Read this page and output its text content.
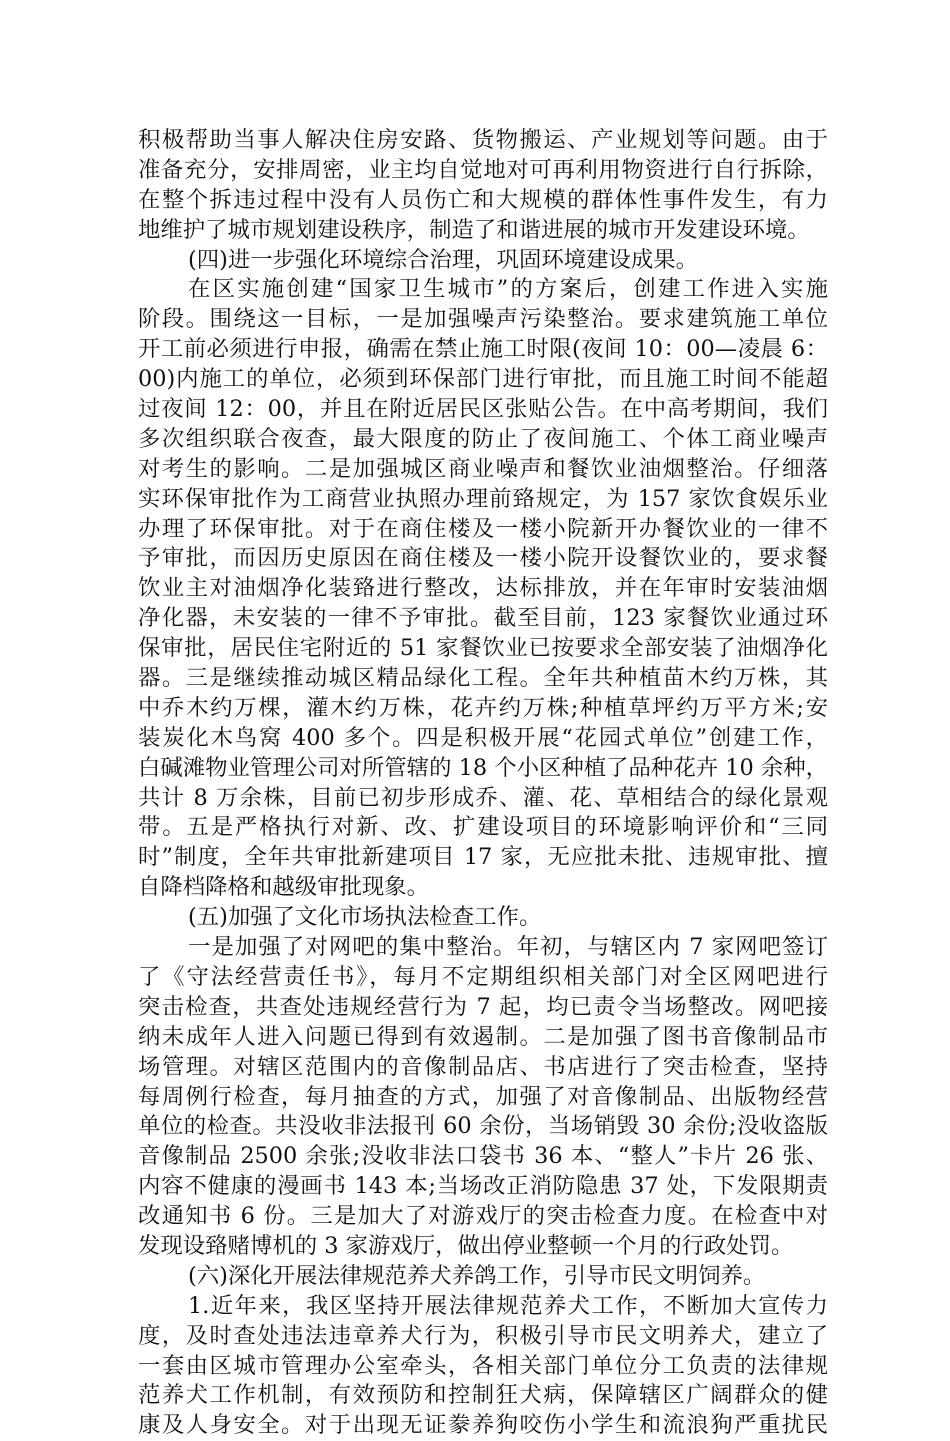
积极帮助当事人解决住房安路、货物搬运、产业规划等问题。由于
准备充分，安排周密，业主均自觉地对可再利用物资进行自行拆除，
在整个拆违过程中没有人员伤亡和大规模的群体性事件发生，有力
地维护了城市规划建设秩序，制造了和谐进展的城市开发建设环境。
(四)进一步强化环境综合治理，巩固环境建设成果。
在区实施创建“国家卫生城市”的方案后，创建工作进入实施
阶段。围绕这一目标，一是加强噪声污染整治。要求建筑施工单位
开工前必须进行申报，确需在禁止施工时限(夜间 10：00—凌晨 6：
00)内施工的单位，必须到环保部门进行审批，而且施工时间不能超
过夜间 12：00，并且在附近居民区张贴公告。在中高考期间，我们
多次组织联合夜查，最大限度的防止了夜间施工、个体工商业噪声
对考生的影响。二是加强城区商业噪声和餐饮业油烟整治。仔细落
实环保审批作为工商营业执照办理前臵规定，为 157 家饮食娱乐业
办理了环保审批。对于在商住楼及一楼小院新开办餐饮业的一律不
予审批，而因历史原因在商住楼及一楼小院开设餐饮业的，要求餐
饮业主对油烟净化装臵进行整改，达标排放，并在年审时安装油烟
净化器，未安装的一律不予审批。截至目前，123 家餐饮业通过环
保审批，居民住宅附近的 51 家餐饮业已按要求全部安装了油烟净化
器。三是继续推动城区精品绿化工程。全年共种植苗木约万株，其
中乔木约万棵，灌木约万株，花卉约万株;种植草坪约万平方米;安
装炭化木鸟窝 400 多个。四是积极开展“花园式单位”创建工作，
白碱滩物业管理公司对所管辖的 18 个小区种植了品种花卉 10 余种，
共计 8 万余株，目前已初步形成乔、灌、花、草相结合的绿化景观
带。五是严格执行对新、改、扩建设项目的环境影响评价和“三同
时”制度，全年共审批新建项目 17 家，无应批未批、违规审批、擅
自降档降格和越级审批现象。
(五)加强了文化市场执法检查工作。
一是加强了对网吧的集中整治。年初，与辖区内 7 家网吧签订
了《守法经营责任书》，每月不定期组织相关部门对全区网吧进行
突击检查，共查处违规经营行为 7 起，均已责令当场整改。网吧接
纳未成年人进入问题已得到有效遏制。二是加强了图书音像制品市
场管理。对辖区范围内的音像制品店、书店进行了突击检查，坚持
每周例行检查，每月抽查的方式，加强了对音像制品、出版物经营
单位的检查。共没收非法报刊 60 余份，当场销毁 30 余份;没收盗版
音像制品 2500 余张;没收非法口袋书 36 本、“整人”卡片 26 张、
内容不健康的漫画书 143 本;当场改正消防隐患 37 处，下发限期责
改通知书 6 份。三是加大了对游戏厅的突击检查力度。在检查中对
发现设臵赌博机的 3 家游戏厅，做出停业整顿一个月的行政处罚。
(六)深化开展法律规范养犬养鸽工作，引导市民文明饲养。
1.近年来，我区坚持开展法律规范养犬工作，不断加大宣传力
度，及时查处违法违章养犬行为，积极引导市民文明养犬，建立了
一套由区城市管理办公室牵头，各相关部门单位分工负责的法律规
范养犬工作机制，有效预防和控制狂犬病，保障辖区广阔群众的健
康及人身安全。对于出现无证豢养狗咬伤小学生和流浪狗严重扰民
